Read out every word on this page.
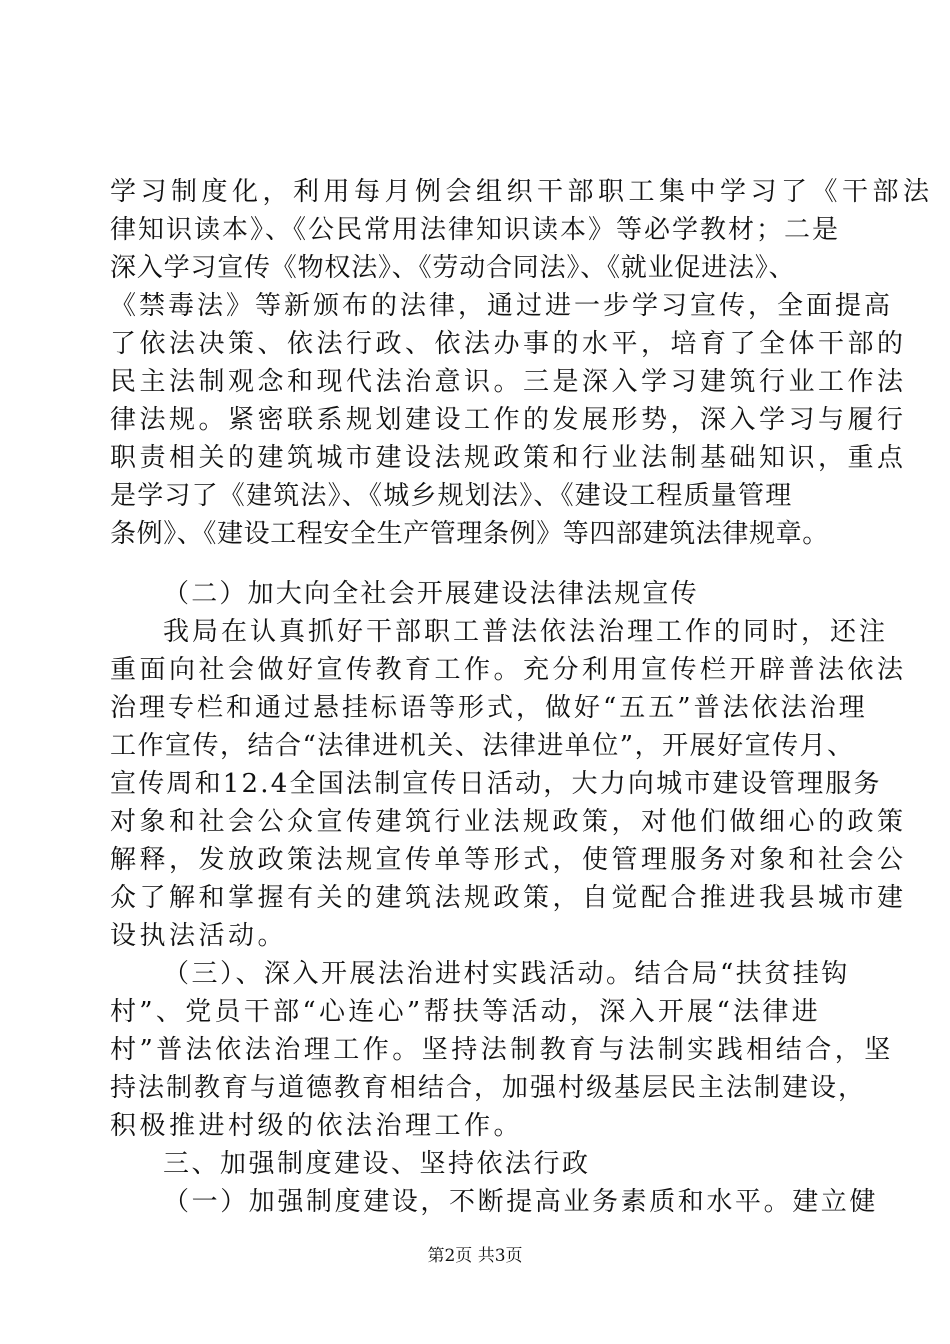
学习制度化，利用每月例会组织干部职工集中学习了《干部法
律知识读本》、《公民常用法律知识读本》等必学教材；二是
深入学习宣传《物权法》、《劳动合同法》、《就业促进法》、
《禁毒法》等新颁布的法律，通过进一步学习宣传，全面提高
了依法决策、依法行政、依法办事的水平，培育了全体干部的
民主法制观念和现代法治意识。三是深入学习建筑行业工作法
律法规。紧密联系规划建设工作的发展形势，深入学习与履行
职责相关的建筑城市建设法规政策和行业法制基础知识，重点
是学习了《建筑法》、《城乡规划法》、《建设工程质量管理
条例》、《建设工程安全生产管理条例》等四部建筑法律规章。
（二）加大向全社会开展建设法律法规宣传
我局在认真抓好干部职工普法依法治理工作的同时，还注
重面向社会做好宣传教育工作。充分利用宣传栏开辟普法依法
治理专栏和通过悬挂标语等形式，做好“五五”普法依法治理
工作宣传，结合“法律进机关、法律进单位”，开展好宣传月、
宣传周和12.4全国法制宣传日活动，大力向城市建设管理服务
对象和社会公众宣传建筑行业法规政策，对他们做细心的政策
解释，发放政策法规宣传单等形式，使管理服务对象和社会公
众了解和掌握有关的建筑法规政策，自觉配合推进我县城市建
设执法活动。
（三）、深入开展法治进村实践活动。结合局“扶贫挂钩
村”、党员干部“心连心”帮扶等活动，深入开展“法律进
村”普法依法治理工作。坚持法制教育与法制实践相结合，坚
持法制教育与道德教育相结合，加强村级基层民主法制建设，
积极推进村级的依法治理工作。
三、加强制度建设、坚持依法行政
（一）加强制度建设，不断提高业务素质和水平。建立健
第2页 共3页
